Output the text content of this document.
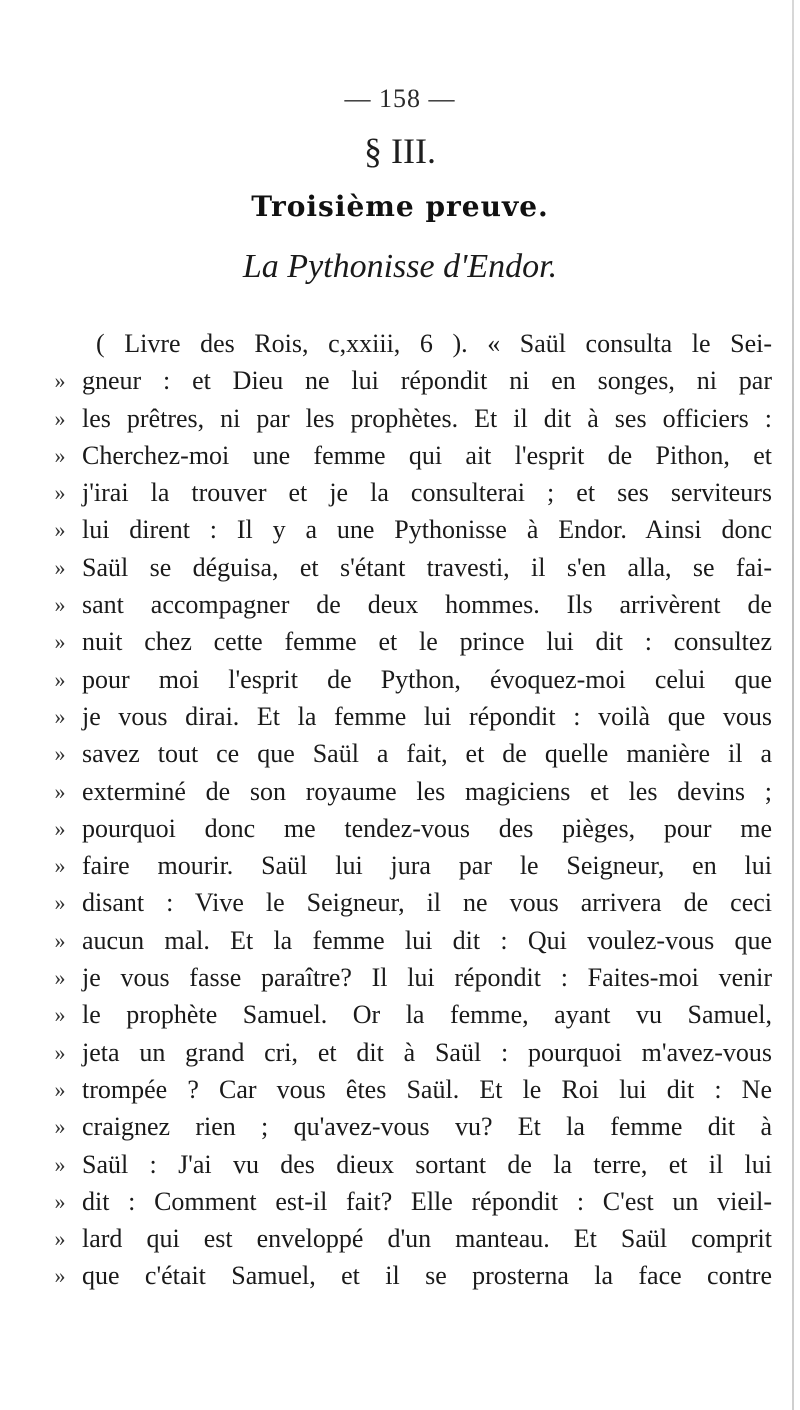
— 158 —
§ III.
Troisième preuve.
La Pythonisse d'Endor.
( Livre des Rois, c,xxiii, 6 ). « Saül consulta le Sei-
» gneur : et Dieu ne lui répondit ni en songes, ni par
» les prêtres, ni par les prophètes. Et il dit à ses officiers :
» Cherchez-moi une femme qui ait l'esprit de Pithon, et
» j'irai la trouver et je la consulterai ; et ses serviteurs
» lui dirent : Il y a une Pythonisse à Endor. Ainsi donc
» Saül se déguisa, et s'étant travesti, il s'en alla, se fai-
» sant accompagner de deux hommes. Ils arrivèrent de
» nuit chez cette femme et le prince lui dit : consultez
» pour moi l'esprit de Python, évoquez-moi celui que
» je vous dirai. Et la femme lui répondit : voilà que vous
» savez tout ce que Saül a fait, et de quelle manière il a
» exterminé de son royaume les magiciens et les devins ;
» pourquoi donc me tendez-vous des pièges, pour me
» faire mourir. Saül lui jura par le Seigneur, en lui
» disant : Vive le Seigneur, il ne vous arrivera de ceci
» aucun mal. Et la femme lui dit : Qui voulez-vous que
» je vous fasse paraître? Il lui répondit : Faites-moi venir
» le prophète Samuel. Or la femme, ayant vu Samuel,
» jeta un grand cri, et dit à Saül : pourquoi m'avez-vous
» trompée ? Car vous êtes Saül. Et le Roi lui dit : Ne
» craignez rien ; qu'avez-vous vu? Et la femme dit à
» Saül : J'ai vu des dieux sortant de la terre, et il lui
» dit : Comment est-il fait? Elle répondit : C'est un vieil-
» lard qui est enveloppé d'un manteau. Et Saül comprit
» que c'était Samuel, et il se prosterna la face contre
